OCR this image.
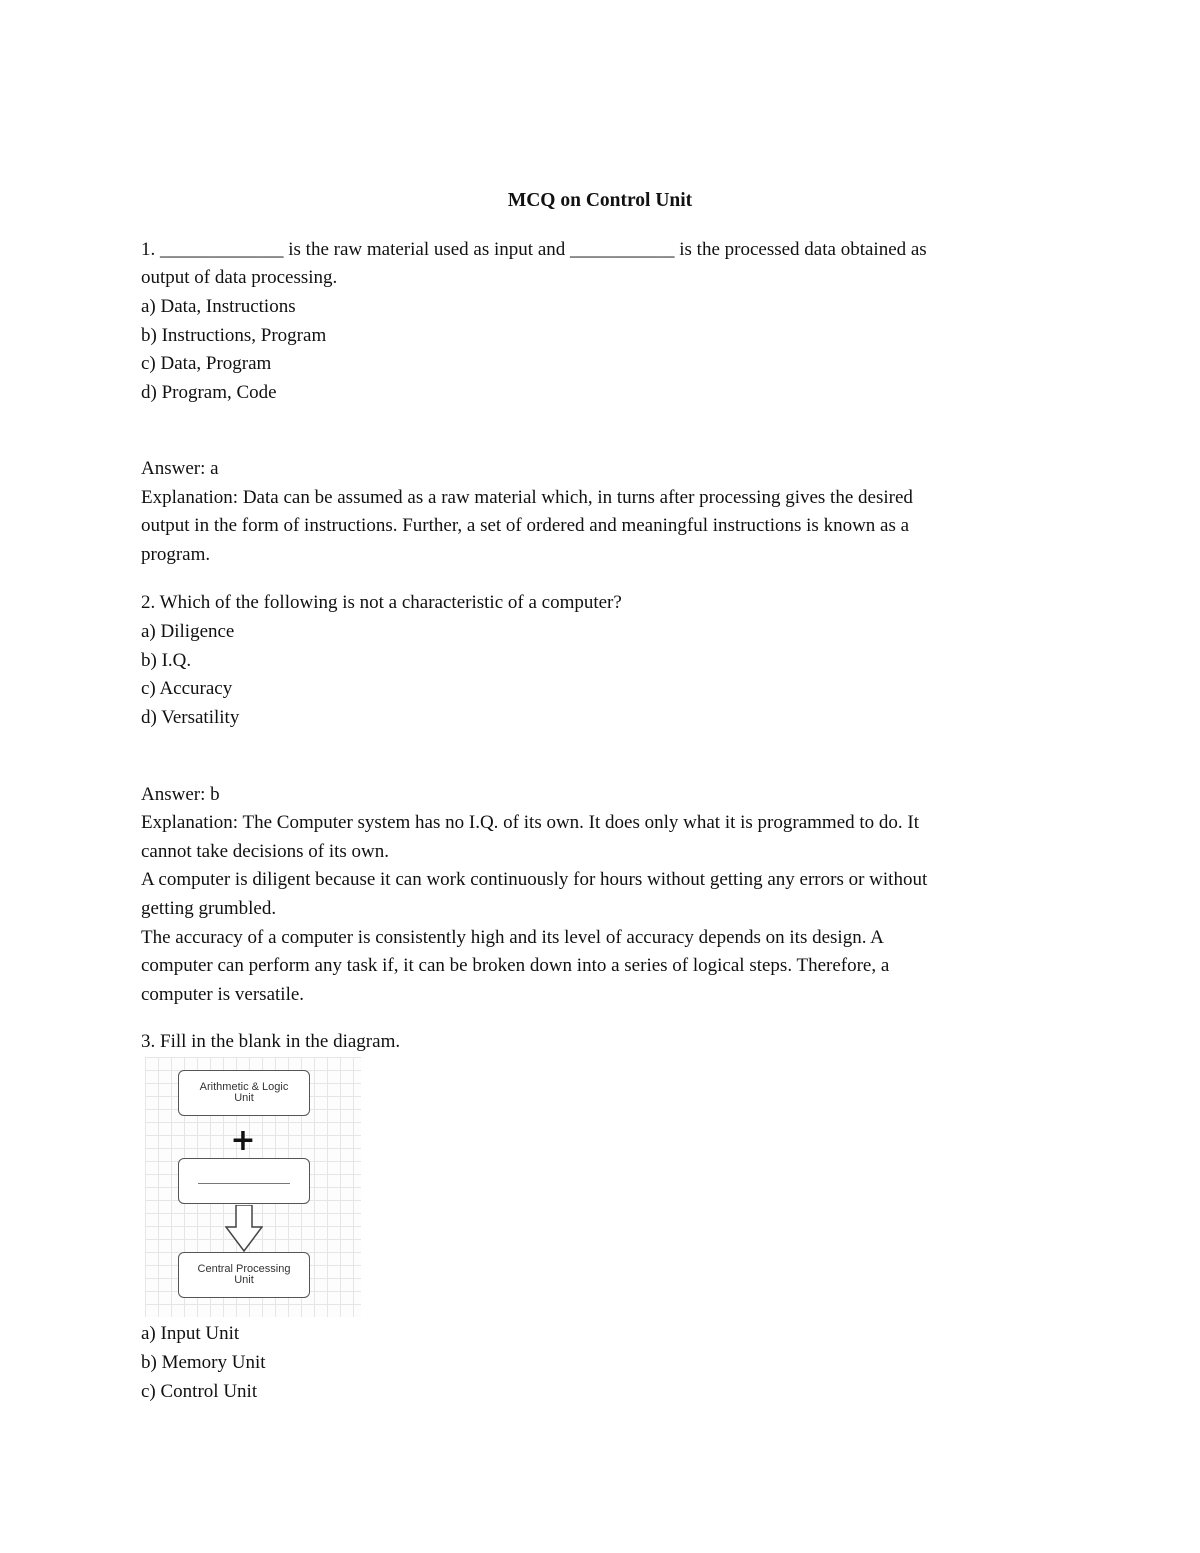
MCQ on Control Unit
1. _____________ is the raw material used as input and ___________ is the processed data obtained as
output of data processing.
a) Data, Instructions
b) Instructions, Program
c) Data, Program
d) Program, Code
Answer: a
Explanation: Data can be assumed as a raw material which, in turns after processing gives the desired
output in the form of instructions. Further, a set of ordered and meaningful instructions is known as a
program.
2. Which of the following is not a characteristic of a computer?
a) Diligence
b) I.Q.
c) Accuracy
d) Versatility
Answer: b
Explanation: The Computer system has no I.Q. of its own. It does only what it is programmed to do. It
cannot take decisions of its own.
A computer is diligent because it can work continuously for hours without getting any errors or without
getting grumbled.
The accuracy of a computer is consistently high and its level of accuracy depends on its design. A
computer can perform any task if, it can be broken down into a series of logical steps. Therefore, a
computer is versatile.
3. Fill in the blank in the diagram.
Arithmetic & Logic
Unit
+
Central Processing
Unit
a) Input Unit
b) Memory Unit
c) Control Unit
